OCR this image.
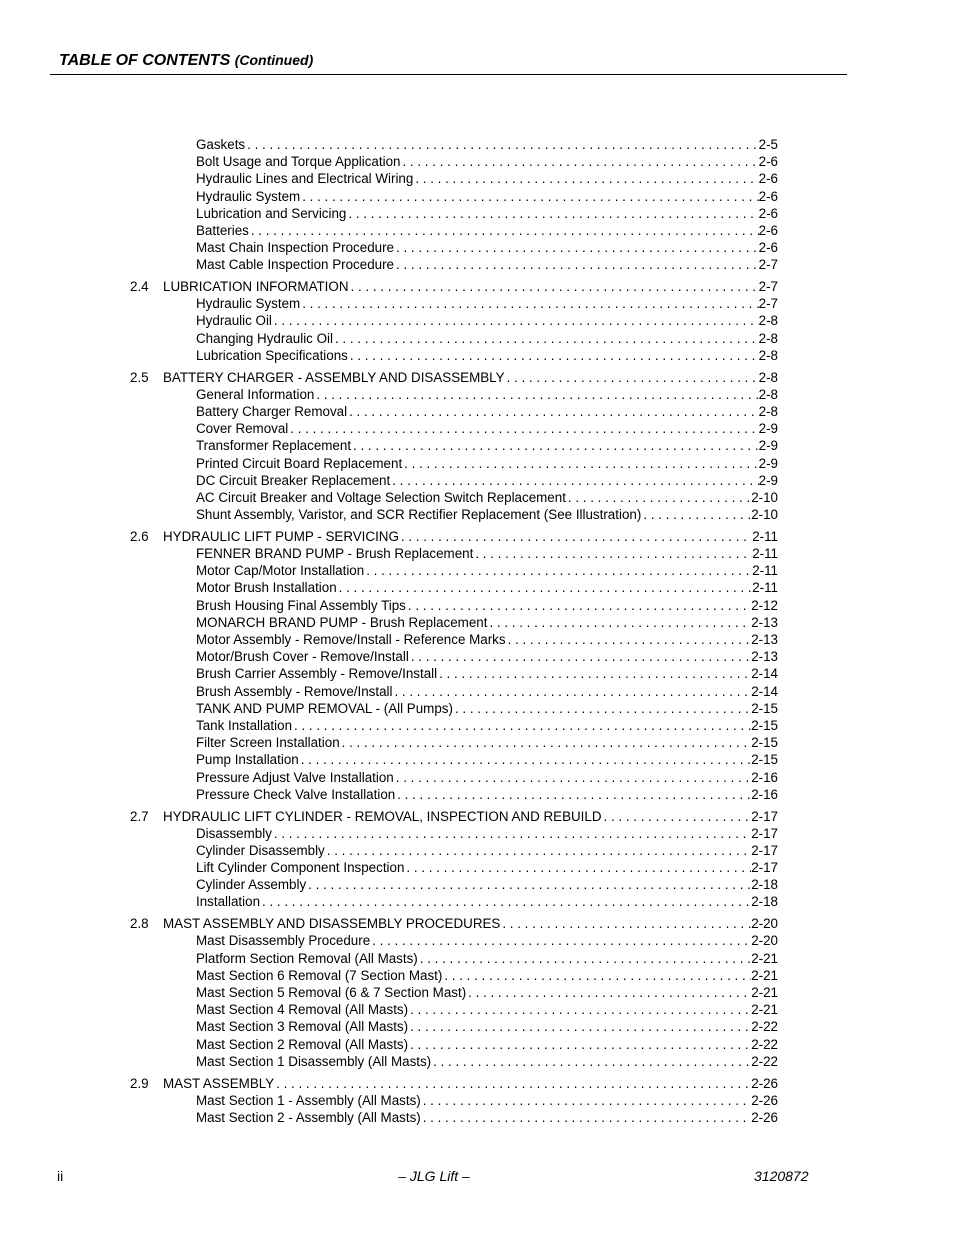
TABLE OF CONTENTS (Continued)
Gaskets . . .	2-5
Bolt Usage and Torque Application . . .	2-6
Hydraulic Lines and Electrical Wiring . . .	2-6
Hydraulic System . . .	2-6
Lubrication and Servicing . . .	2-6
Batteries . . .	2-6
Mast Chain Inspection Procedure . . .	2-6
Mast Cable Inspection Procedure . . .	2-7
2.4 LUBRICATION INFORMATION . . .	2-7
Hydraulic System . . .	2-7
Hydraulic Oil . . .	2-8
Changing Hydraulic Oil . . .	2-8
Lubrication Specifications . . .	2-8
2.5 BATTERY CHARGER - ASSEMBLY AND DISASSEMBLY . . .	2-8
General Information . . .	2-8
Battery Charger Removal . . .	2-8
Cover Removal . . .	2-9
Transformer Replacement . . .	2-9
Printed Circuit Board Replacement . . .	2-9
DC Circuit Breaker Replacement . . .	2-9
AC Circuit Breaker and Voltage Selection Switch Replacement . . .	2-10
Shunt Assembly, Varistor, and SCR Rectifier Replacement (See Illustration) . . .	2-10
2.6 HYDRAULIC LIFT PUMP - SERVICING . . .	2-11
FENNER BRAND PUMP - Brush Replacement . . .	2-11
Motor Cap/Motor Installation . . .	2-11
Motor Brush Installation . . .	2-11
Brush Housing Final Assembly Tips . . .	2-12
MONARCH BRAND PUMP - Brush Replacement . . .	2-13
Motor Assembly - Remove/Install - Reference Marks . . .	2-13
Motor/Brush Cover - Remove/Install . . .	2-13
Brush Carrier Assembly - Remove/Install . . .	2-14
Brush Assembly - Remove/Install . . .	2-14
TANK AND PUMP REMOVAL - (All Pumps) . . .	2-15
Tank Installation . . .	2-15
Filter Screen Installation . . .	2-15
Pump Installation . . .	2-15
Pressure Adjust Valve Installation . . .	2-16
Pressure Check Valve Installation . . .	2-16
2.7 HYDRAULIC LIFT CYLINDER - REMOVAL, INSPECTION AND REBUILD . . .	2-17
Disassembly . . .	2-17
Cylinder Disassembly . . .	2-17
Lift Cylinder Component Inspection . . .	2-17
Cylinder Assembly . . .	2-18
Installation . . .	2-18
2.8 MAST ASSEMBLY AND DISASSEMBLY PROCEDURES . . .	2-20
Mast Disassembly Procedure . . .	2-20
Platform Section Removal (All Masts) . . .	2-21
Mast Section 6 Removal (7 Section Mast) . . .	2-21
Mast Section 5 Removal (6 & 7 Section Mast) . . .	2-21
Mast Section 4 Removal (All Masts) . . .	2-21
Mast Section 3 Removal (All Masts) . . .	2-22
Mast Section 2 Removal (All Masts) . . .	2-22
Mast Section 1 Disassembly (All Masts) . . .	2-22
2.9 MAST ASSEMBLY . . .	2-26
Mast Section 1 - Assembly (All Masts) . . .	2-26
Mast Section 2 - Assembly (All Masts) . . .	2-26
ii	– JLG Lift –	3120872
